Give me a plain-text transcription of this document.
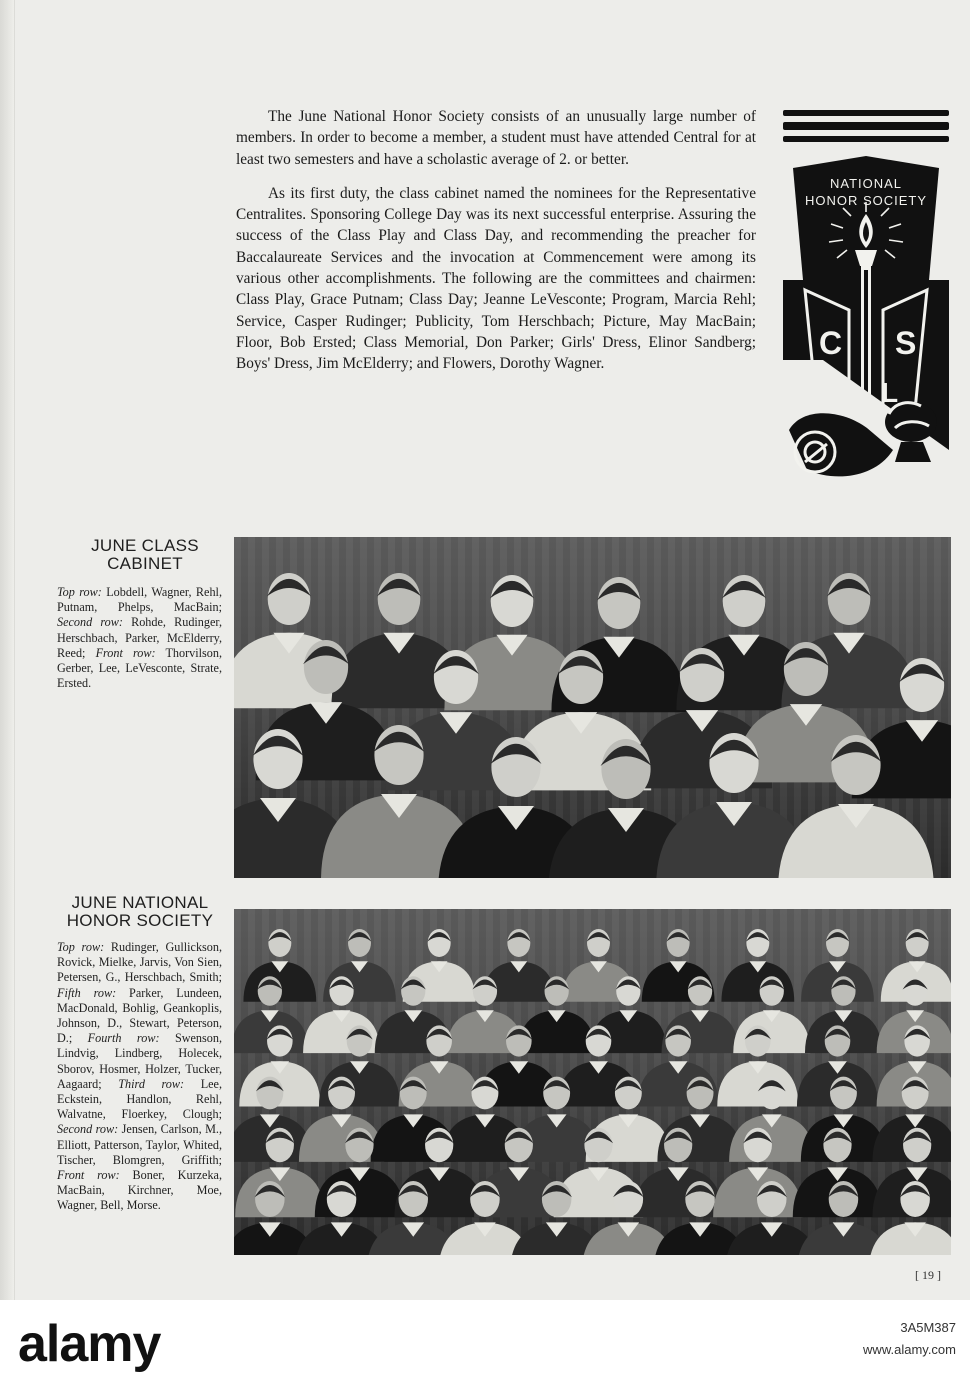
The June National Honor Society consists of an unusually large number of members. In order to become a member, a student must have attended Central for at least two semesters and have a scholastic average of 2. or better.

As its first duty, the class cabinet named the nominees for the Representative Centralites. Sponsoring College Day was its next successful enterprise. Assuring the success of the Class Play and Class Day, and recommending the preacher for Baccalaureate Services and the invocation at Commencement were among its various other accomplishments. The following are the committees and chairmen: Class Play, Grace Putnam; Class Day; Jeanne LeVesconte; Program, Marcia Rehl; Service, Casper Rudinger; Publicity, Tom Herschbach; Picture, May MacBain; Floor, Bob Ersted; Class Memorial, Don Parker; Girls' Dress, Elinor Sandberg; Boys' Dress, Jim McElderry; and Flowers, Dorothy Wagner.

C
L
S
NATIONAL
HONOR SOCIETY
JUNE CLASS
CABINET
Top row: Lobdell, Wagner, Rehl, Putnam, Phelps, MacBain; Second row: Rohde, Rudinger, Herschbach, Parker, McElderry, Reed; Front row: Thorvilson, Gerber, Lee, LeVesconte, Strate, Ersted.
JUNE NATIONAL
HONOR SOCIETY
Top row: Rudinger, Gullickson, Rovick, Mielke, Jarvis, Von Sien, Petersen, G., Herschbach, Smith; Fifth row: Parker, Lundeen, MacDonald, Bohlig, Geankoplis, Johnson, D., Stewart, Peterson, D.; Fourth row: Swenson, Lindvig, Lindberg, Holecek, Sborov, Hosmer, Holzer, Tucker, Aagaard; Third row: Lee, Eckstein, Handlon, Rehl, Walvatne, Floerkey, Clough; Second row: Jensen, Carlson, M., Elliott, Patterson, Taylor, Whited, Tischer, Blomgren, Griffith; Front row: Boner, Kurzeka, MacBain, Kirchner, Moe, Wagner, Bell, Morse.
[ 19 ]
alamy	3A5M387
www.alamy.com
